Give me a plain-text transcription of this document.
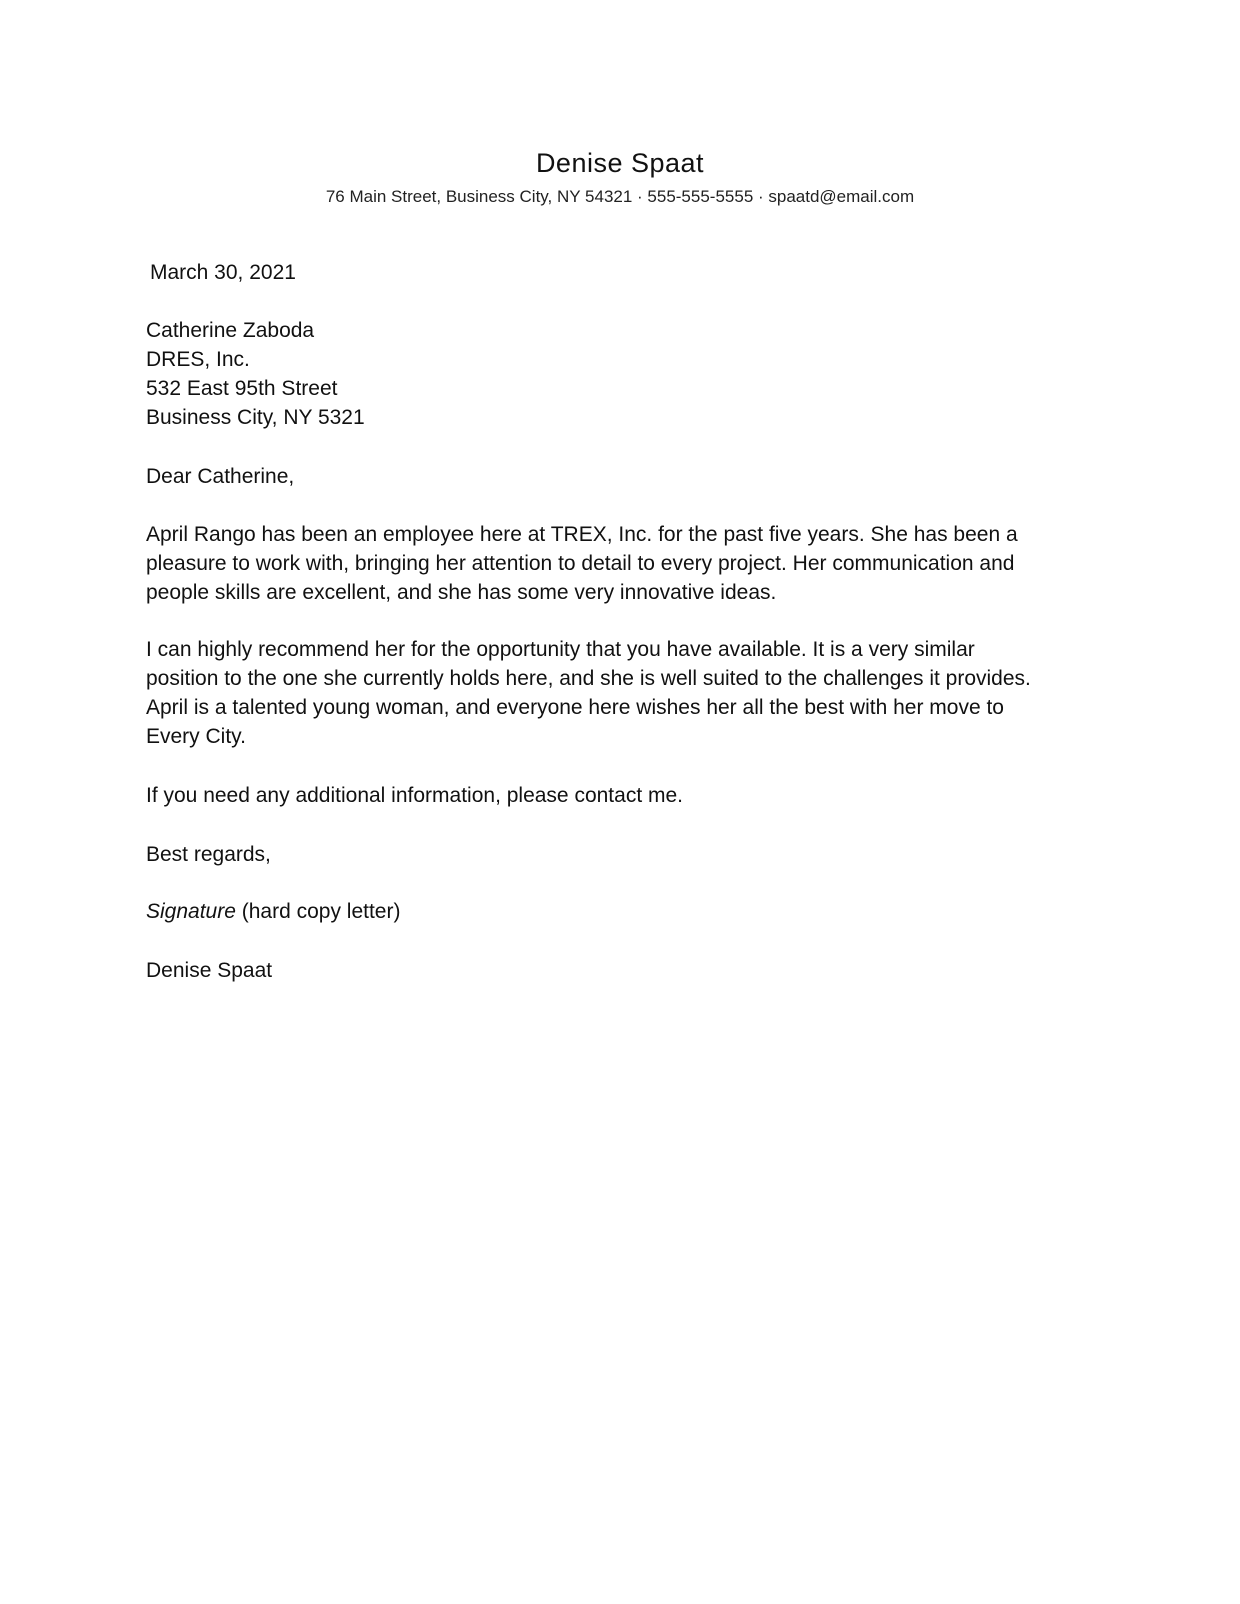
Denise Spaat
76 Main Street, Business City, NY 54321 · 555-555-5555 · spaatd@email.com
March 30, 2021
Catherine Zaboda
DRES, Inc.
532 East 95th Street
Business City, NY 5321
Dear Catherine,
April Rango has been an employee here at TREX, Inc. for the past five years. She has been a
pleasure to work with, bringing her attention to detail to every project. Her communication and
people skills are excellent, and she has some very innovative ideas.
I can highly recommend her for the opportunity that you have available. It is a very similar
position to the one she currently holds here, and she is well suited to the challenges it provides.
April is a talented young woman, and everyone here wishes her all the best with her move to
Every City.
If you need any additional information, please contact me.
Best regards,
Signature (hard copy letter)
Denise Spaat
